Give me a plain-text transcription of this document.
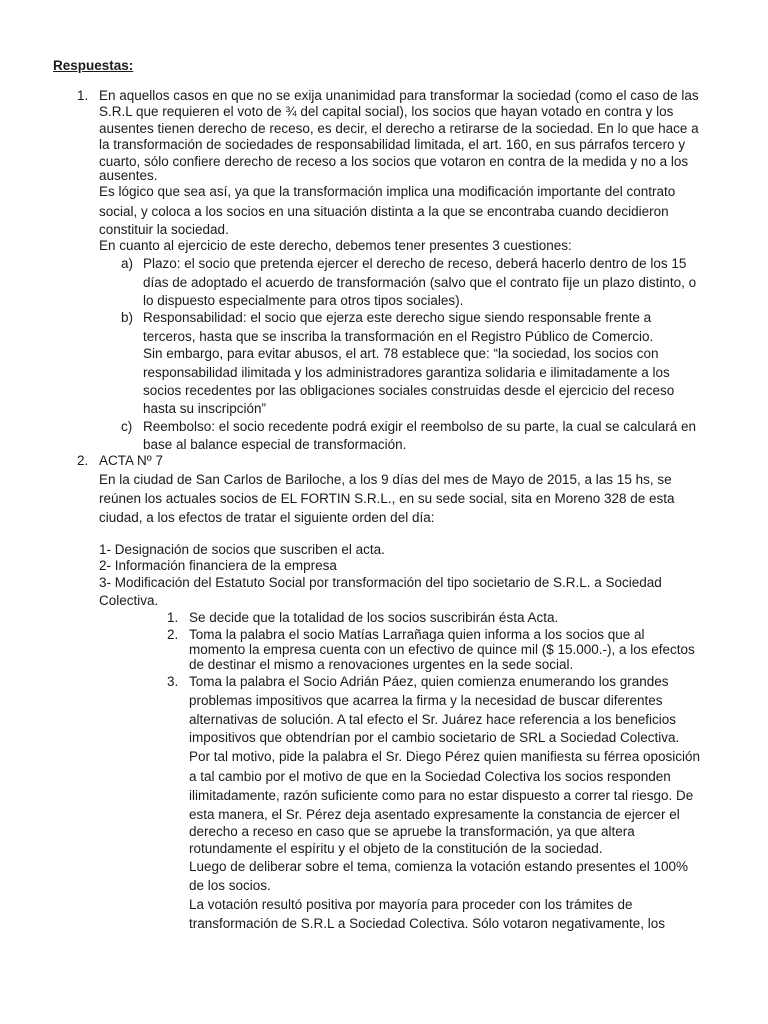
Respuestas:
1. En aquellos casos en que no se exija unanimidad para transformar la sociedad (como el caso de las
S.R.L que requieren el voto de ¾ del capital social), los socios que hayan votado en contra y los
ausentes tienen derecho de receso, es decir, el derecho a retirarse de la sociedad. En lo que hace a
la transformación de sociedades de responsabilidad limitada, el art. 160, en sus párrafos tercero y
cuarto, sólo confiere derecho de receso a los socios que votaron en contra de la medida y no a los
ausentes.
Es lógico que sea así, ya que la transformación implica una modificación importante del contrato
social, y coloca a los socios en una situación distinta a la que se encontraba cuando decidieron
constituir la sociedad.
En cuanto al ejercicio de este derecho, debemos tener presentes 3 cuestiones:
a) Plazo: el socio que pretenda ejercer el derecho de receso, deberá hacerlo dentro de los 15
días de adoptado el acuerdo de transformación (salvo que el contrato fije un plazo distinto, o
lo dispuesto especialmente para otros tipos sociales).
b) Responsabilidad: el socio que ejerza este derecho sigue siendo responsable frente a
terceros, hasta que se inscriba la transformación en el Registro Público de Comercio.
Sin embargo, para evitar abusos, el art. 78 establece que: “la sociedad, los socios con
responsabilidad ilimitada y los administradores garantiza solidaria e ilimitadamente a los
socios recedentes por las obligaciones sociales construidas desde el ejercicio del receso
hasta su inscripción”
c) Reembolso: el socio recedente podrá exigir el reembolso de su parte, la cual se calculará en
base al balance especial de transformación.
2. ACTA Nº 7
En la ciudad de San Carlos de Bariloche, a los 9 días del mes de Mayo de 2015, a las 15 hs, se
reúnen los actuales socios de EL FORTIN S.R.L., en su sede social, sita en Moreno 328 de esta
ciudad, a los efectos de tratar el siguiente orden del día:
1- Designación de socios que suscriben el acta.
2- Información financiera de la empresa
3- Modificación del Estatuto Social por transformación del tipo societario de S.R.L. a Sociedad
Colectiva.
1. Se decide que la totalidad de los socios suscribirán ésta Acta.
2. Toma la palabra el socio Matías Larrañaga quien informa a los socios que al
momento la empresa cuenta con un efectivo de quince mil ($ 15.000.-), a los efectos
de destinar el mismo a renovaciones urgentes en la sede social.
3. Toma la palabra el Socio Adrián Páez, quien comienza enumerando los grandes
problemas impositivos que acarrea la firma y la necesidad de buscar diferentes
alternativas de solución. A tal efecto el Sr. Juárez hace referencia a los beneficios
impositivos que obtendrían por el cambio societario de SRL a Sociedad Colectiva.
Por tal motivo, pide la palabra el Sr. Diego Pérez quien manifiesta su férrea oposición
a tal cambio por el motivo de que en la Sociedad Colectiva los socios responden
ilimitadamente, razón suficiente como para no estar dispuesto a correr tal riesgo. De
esta manera, el Sr. Pérez deja asentado expresamente la constancia de ejercer el
derecho a receso en caso que se apruebe la transformación, ya que altera
rotundamente el espíritu y el objeto de la constitución de la sociedad.
Luego de deliberar sobre el tema, comienza la votación estando presentes el 100%
de los socios.
La votación resultó positiva por mayoría para proceder con los trámites de
transformación de S.R.L a Sociedad Colectiva. Sólo votaron negativamente, los
